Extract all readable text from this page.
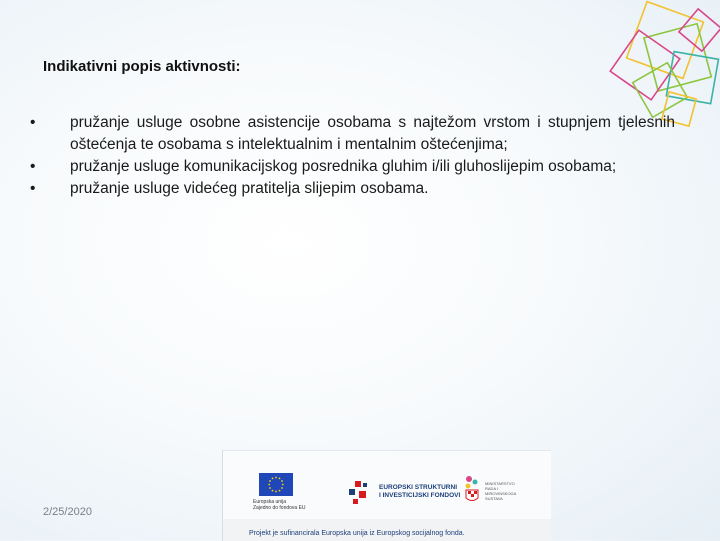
Indikativni popis aktivnosti:
• pružanje usluge osobne asistencije osobama s najtežom vrstom i stupnjem tjelesnih oštećenja te osobama s intelektualnim i mentalnim oštećenjima;
• pružanje usluge komunikacijskog posrednika gluhim i/ili gluhoslijepim osobama;
• pružanje usluge videćeg pratitelja slijepim osobama.
2/25/2020
Europska unija
Zajedno do fondova EU
EUROPSKI STRUKTURNI
I INVESTICIJSKI FONDOVI
MINISTARSTVO RADA I MIROVINSKOGA SUSTAVA
Projekt je sufinancirala Europska unija iz Europskog socijalnog fonda.
